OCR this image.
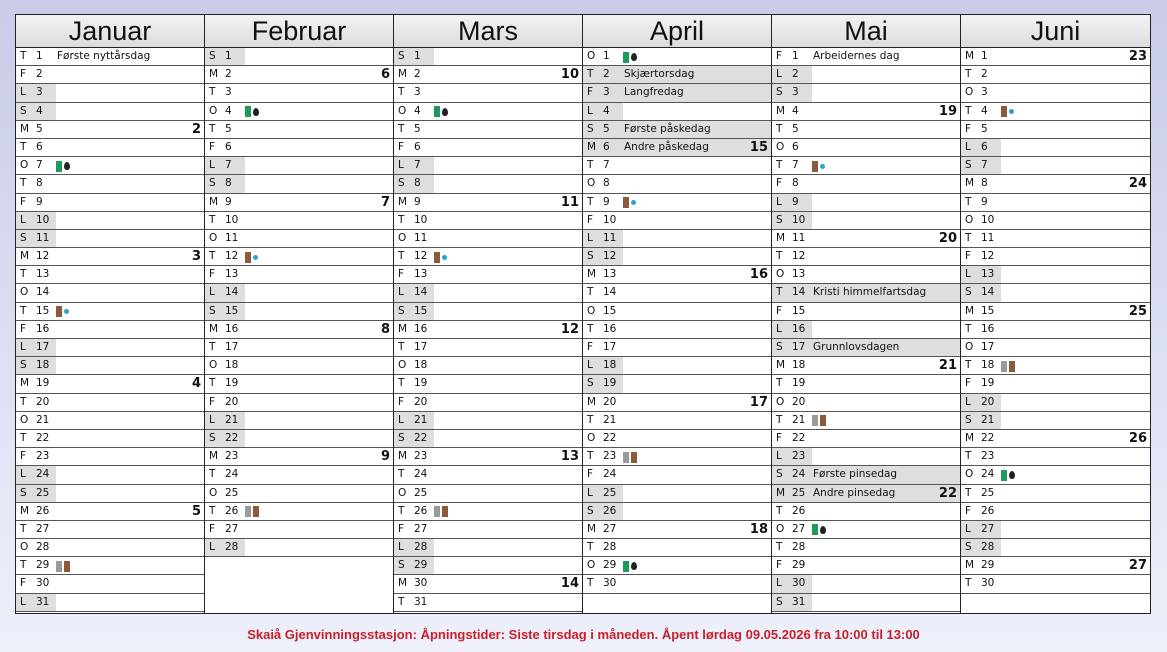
Januar
T 1 Første nyttårsdag
F 2
L 3
S 4
M 5	2
T 6
O 7
T 8
F 9
L 10
S 11
M 12	3
T 13
O 14
T 15
F 16
L 17
S 18
M 19	4
T 20
O 21
T 22
F 23
L 24
S 25
M 26	5
T 27
O 28
T 29
F 30
L 31
Februar
S 1
M 2	6
T 3
O 4
T 5
F 6
L 7
S 8
M 9	7
T 10
O 11
T 12
F 13
L 14
S 15
M 16	8
T 17
O 18
T 19
F 20
L 21
S 22
M 23	9
T 24
O 25
T 26
F 27
L 28
Mars
S 1
M 2	10
T 3
O 4
T 5
F 6
L 7
S 8
M 9	11
T 10
O 11
T 12
F 13
L 14
S 15
M 16	12
T 17
O 18
T 19
F 20
L 21
S 22
M 23	13
T 24
O 25
T 26
F 27
L 28
S 29
M 30	14
T 31
April
O 1
T 2 Skjærtorsdag
F 3 Langfredag
L 4
S 5 Første påskedag
M 6 Andre påskedag	15
T 7
O 8
T 9
F 10
L 11
S 12
M 13	16
T 14
O 15
T 16
F 17
L 18
S 19
M 20	17
T 21
O 22
T 23
F 24
L 25
S 26
M 27	18
T 28
O 29
T 30
Mai
F 1 Arbeidernes dag
L 2
S 3
M 4	19
T 5
O 6
T 7
F 8
L 9
S 10
M 11	20
T 12
O 13
T 14 Kristi himmelfartsdag
F 15
L 16
S 17 Grunnlovsdagen
M 18	21
T 19
O 20
T 21
F 22
L 23
S 24 Første pinsedag
M 25 Andre pinsedag	22
T 26
O 27
T 28
F 29
L 30
S 31
Juni
M 1	23
T 2
O 3
T 4
F 5
L 6
S 7
M 8	24
T 9
O 10
T 11
F 12
L 13
S 14
M 15	25
T 16
O 17
T 18
F 19
L 20
S 21
M 22	26
T 23
O 24
T 25
F 26
L 27
S 28
M 29	27
T 30
Skaiå Gjenvinningsstasjon: Åpningstider: Siste tirsdag i måneden. Åpent lørdag 09.05.2026 fra 10:00 til 13:00
